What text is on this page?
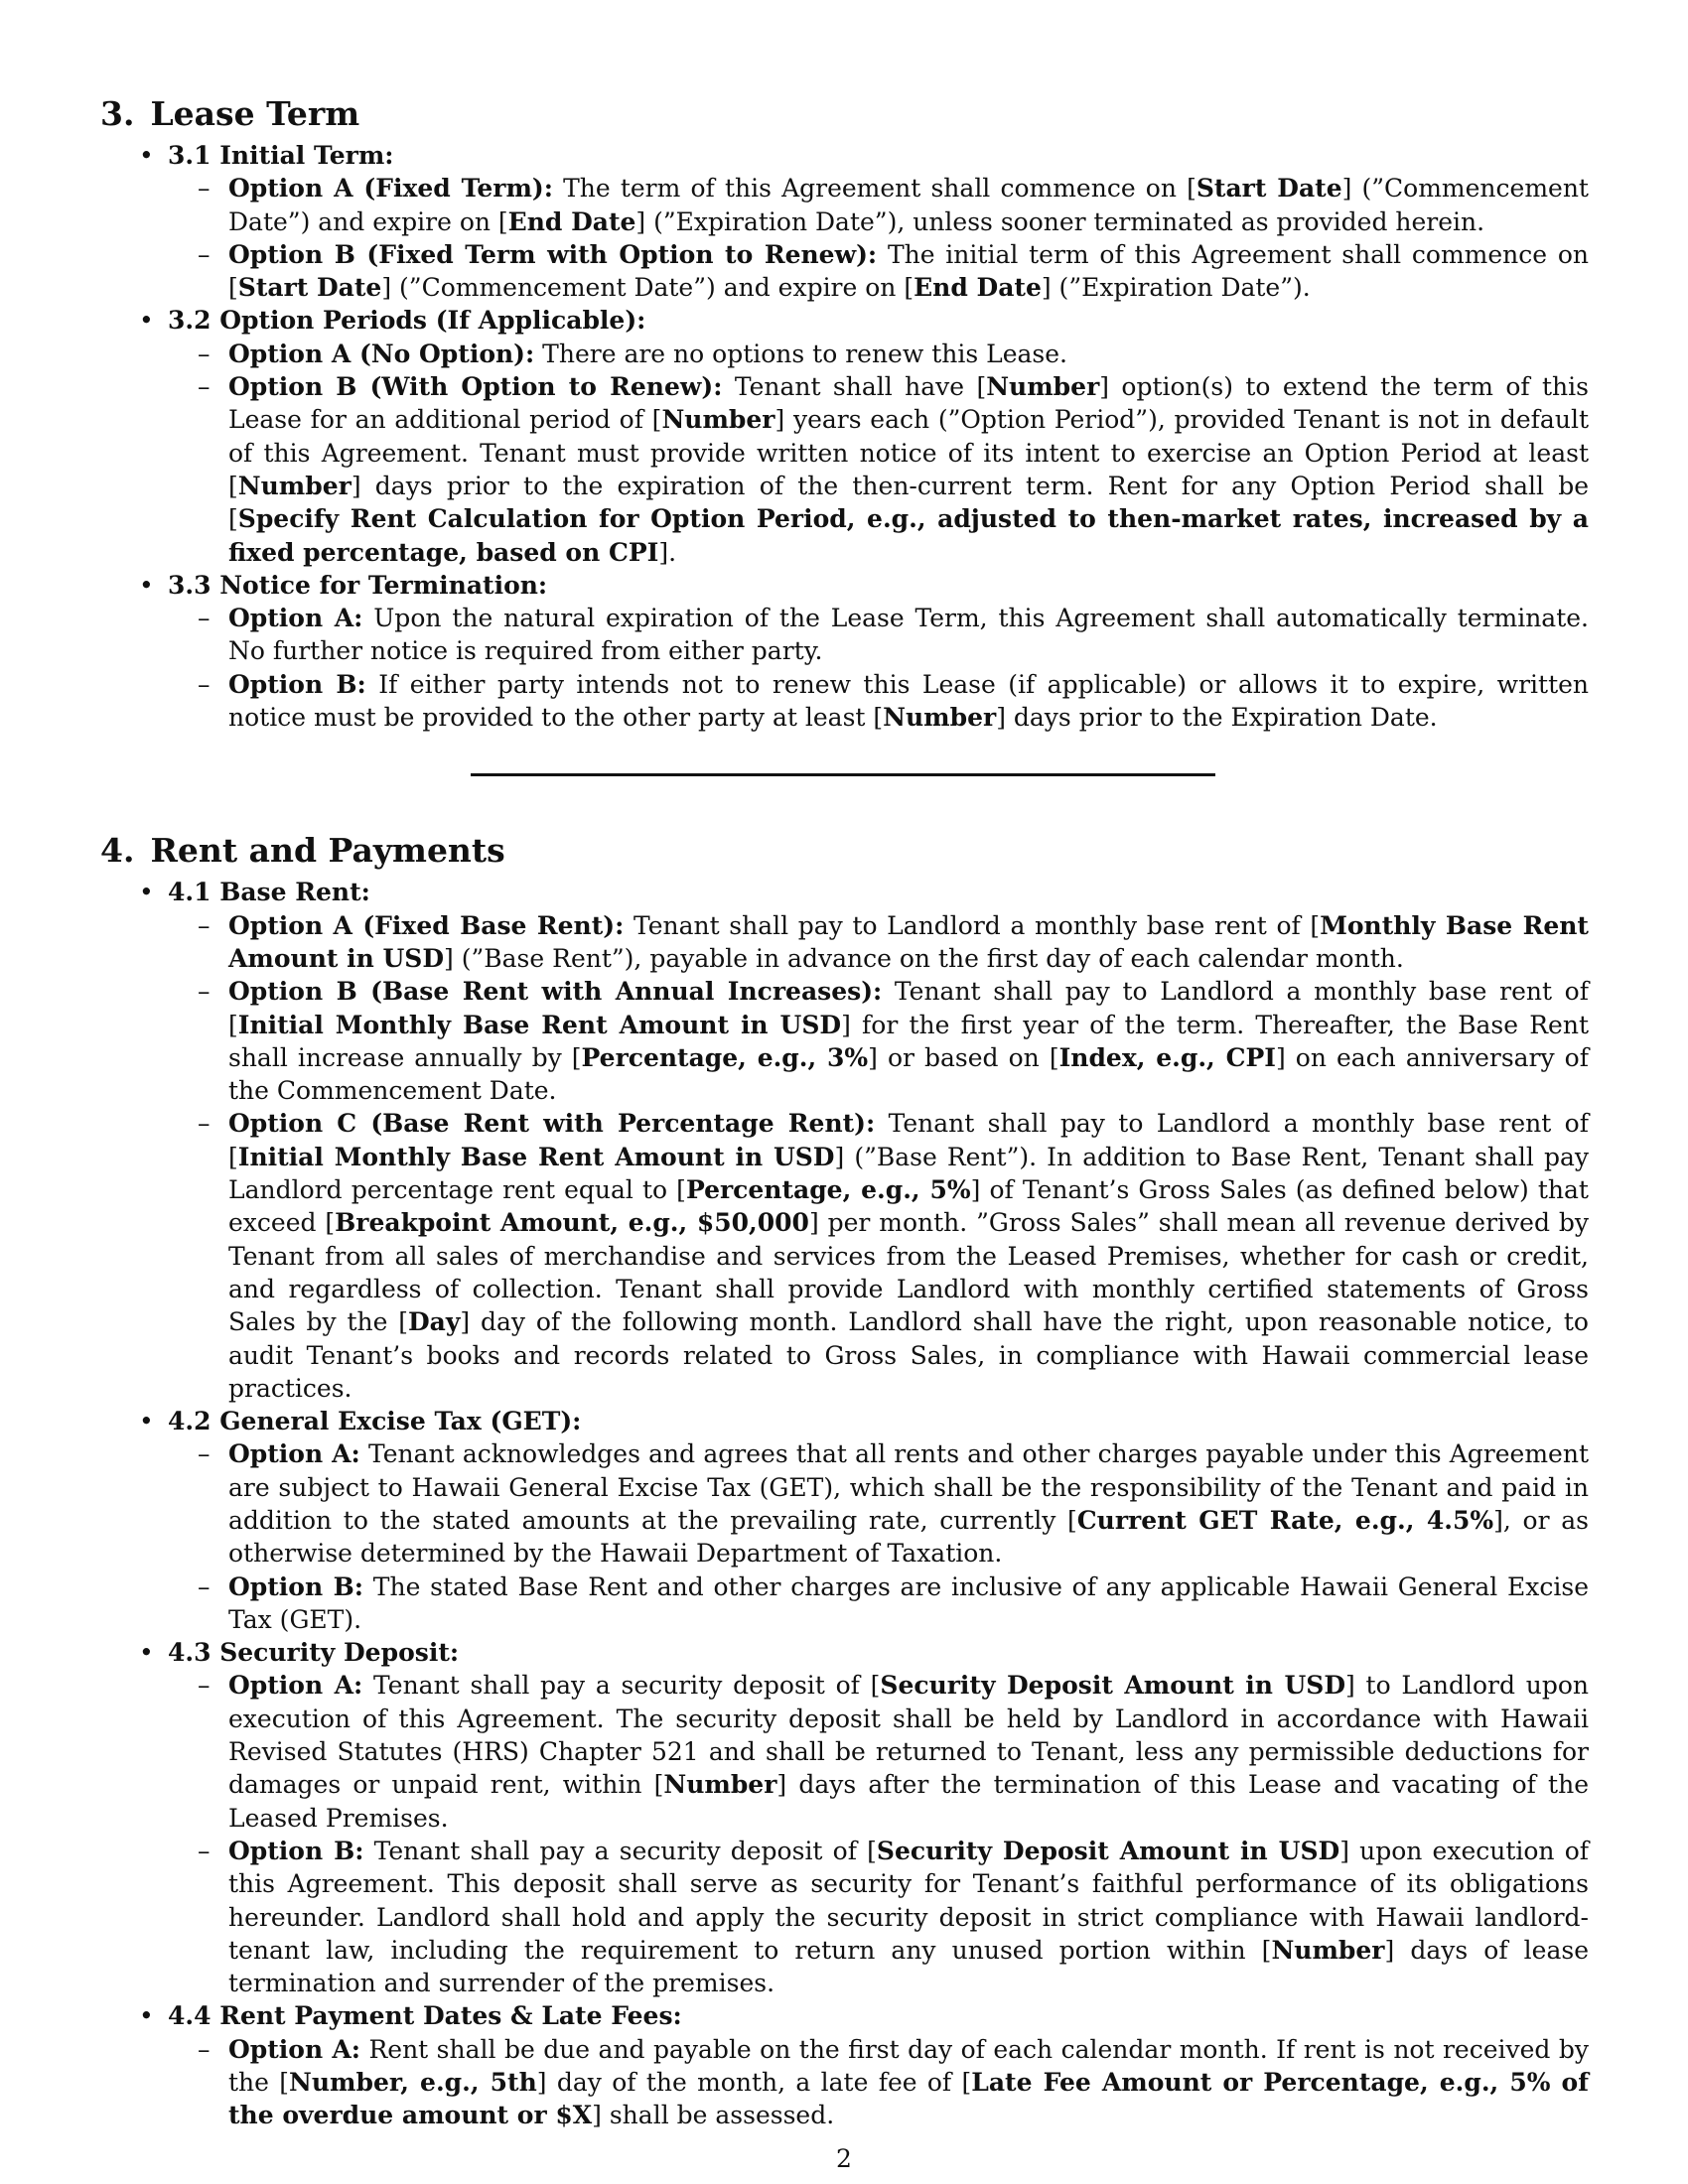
3. Lease Term
• 3.1 Initial Term:
– Option A (Fixed Term): The term of this Agreement shall commence on [Start Date] (”Commencement Date”) and expire on [End Date] (”Expiration Date”), unless sooner terminated as provided herein.
– Option B (Fixed Term with Option to Renew): The initial term of this Agreement shall commence on [Start Date] (”Commencement Date”) and expire on [End Date] (”Expiration Date”).
• 3.2 Option Periods (If Applicable):
– Option A (No Option): There are no options to renew this Lease.
– Option B (With Option to Renew): Tenant shall have [Number] option(s) to extend the term of this Lease for an additional period of [Number] years each (”Option Period”), provided Tenant is not in default of this Agreement. Tenant must provide written notice of its intent to exercise an Option Period at least [Number] days prior to the expiration of the then-current term. Rent for any Option Period shall be [Specify Rent Calculation for Option Period, e.g., adjusted to then-market rates, increased by a fixed percentage, based on CPI].
• 3.3 Notice for Termination:
– Option A: Upon the natural expiration of the Lease Term, this Agreement shall automatically terminate. No further notice is required from either party.
– Option B: If either party intends not to renew this Lease (if applicable) or allows it to expire, written notice must be provided to the other party at least [Number] days prior to the Expiration Date.
4. Rent and Payments
• 4.1 Base Rent:
– Option A (Fixed Base Rent): Tenant shall pay to Landlord a monthly base rent of [Monthly Base Rent Amount in USD] (”Base Rent”), payable in advance on the first day of each calendar month.
– Option B (Base Rent with Annual Increases): Tenant shall pay to Landlord a monthly base rent of [Initial Monthly Base Rent Amount in USD] for the first year of the term. Thereafter, the Base Rent shall increase annually by [Percentage, e.g., 3%] or based on [Index, e.g., CPI] on each anniversary of the Commencement Date.
– Option C (Base Rent with Percentage Rent): Tenant shall pay to Landlord a monthly base rent of [Initial Monthly Base Rent Amount in USD] (”Base Rent”). In addition to Base Rent, Tenant shall pay Landlord percentage rent equal to [Percentage, e.g., 5%] of Tenant’s Gross Sales (as defined below) that exceed [Breakpoint Amount, e.g., $50,000] per month. ”Gross Sales” shall mean all revenue derived by Tenant from all sales of merchandise and services from the Leased Premises, whether for cash or credit, and regardless of collection. Tenant shall provide Landlord with monthly certified statements of Gross Sales by the [Day] day of the following month. Landlord shall have the right, upon reasonable notice, to audit Tenant’s books and records related to Gross Sales, in compliance with Hawaii commercial lease practices.
• 4.2 General Excise Tax (GET):
– Option A: Tenant acknowledges and agrees that all rents and other charges payable under this Agreement are subject to Hawaii General Excise Tax (GET), which shall be the responsibility of the Tenant and paid in addition to the stated amounts at the prevailing rate, currently [Current GET Rate, e.g., 4.5%], or as otherwise determined by the Hawaii Department of Taxation.
– Option B: The stated Base Rent and other charges are inclusive of any applicable Hawaii General Excise Tax (GET).
• 4.3 Security Deposit:
– Option A: Tenant shall pay a security deposit of [Security Deposit Amount in USD] to Landlord upon execution of this Agreement. The security deposit shall be held by Landlord in accordance with Hawaii Revised Statutes (HRS) Chapter 521 and shall be returned to Tenant, less any permissible deductions for damages or unpaid rent, within [Number] days after the termination of this Lease and vacating of the Leased Premises.
– Option B: Tenant shall pay a security deposit of [Security Deposit Amount in USD] upon execution of this Agreement. This deposit shall serve as security for Tenant’s faithful performance of its obligations hereunder. Landlord shall hold and apply the security deposit in strict compliance with Hawaii landlord-tenant law, including the requirement to return any unused portion within [Number] days of lease termination and surrender of the premises.
• 4.4 Rent Payment Dates & Late Fees:
– Option A: Rent shall be due and payable on the first day of each calendar month. If rent is not received by the [Number, e.g., 5th] day of the month, a late fee of [Late Fee Amount or Percentage, e.g., 5% of the overdue amount or $X] shall be assessed.
2
